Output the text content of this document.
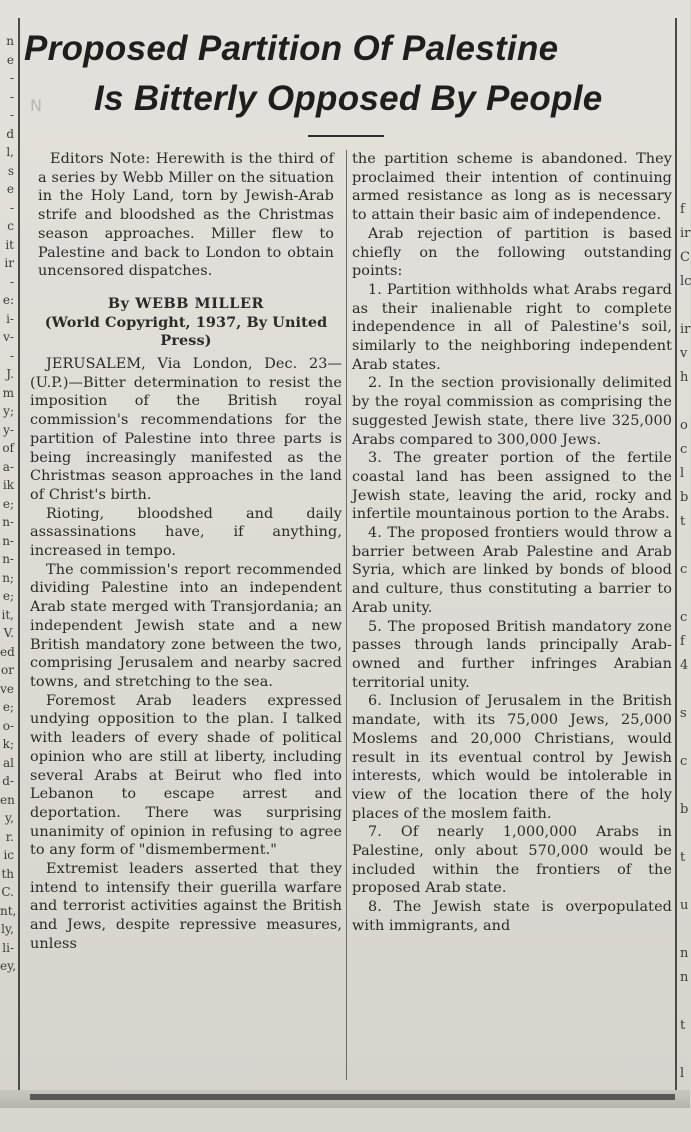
n
e
-
-
-
d
l,
s
e
-
c
it
ir
-
e:
i-
v-
-
J.
m
y;
y-
of
a-
ik
e;
n-
n-
n-
n;
e;
it,
V.
ed
or
ve
e;
o-
k;
al
d-
en
y,
r.
ic
th
C.
nt,
ly,
li-
ey,
Proposed Partition Of Palestine
Is Bitterly Opposed By People
N

Editors Note: Herewith is the third of a series by Webb Miller on the situation in the Holy Land, torn by Jewish-Arab strife and bloodshed as the Christmas season approaches. Miller flew to Palestine and back to London to obtain uncensored dispatches.

By WEBB MILLER
(World Copyright, 1937, By United Press)

JERUSALEM, Via London, Dec. 23—(U.P.)—Bitter determination to resist the imposition of the British royal commission's recommendations for the partition of Palestine into three parts is being increasingly manifested as the Christmas season approaches in the land of Christ's birth.

Rioting, bloodshed and daily assassinations have, if anything, increased in tempo.

The commission's report recommended dividing Palestine into an independent Arab state merged with Transjordania; an independent Jewish state and a new British mandatory zone between the two, comprising Jerusalem and nearby sacred towns, and stretching to the sea.

Foremost Arab leaders expressed undying opposition to the plan. I talked with leaders of every shade of political opinion who are still at liberty, including several Arabs at Beirut who fled into Lebanon to escape arrest and deportation. There was surprising unanimity of opinion in refusing to agree to any form of "dismemberment."

Extremist leaders asserted that they intend to intensify their guerilla warfare and terrorist activities against the British and Jews, despite repressive measures, unless

the partition scheme is abandoned. They proclaimed their intention of continuing armed resistance as long as is necessary to attain their basic aim of independence.

Arab rejection of partition is based chiefly on the following outstanding points:

1. Partition withholds what Arabs regard as their inalienable right to complete independence in all of Palestine's soil, similarly to the neighboring independent Arab states.

2. In the section provisionally delimited by the royal commission as comprising the suggested Jewish state, there live 325,000 Arabs compared to 300,000 Jews.

3. The greater portion of the fertile coastal land has been assigned to the Jewish state, leaving the arid, rocky and infertile mountainous portion to the Arabs.

4. The proposed frontiers would throw a barrier between Arab Palestine and Arab Syria, which are linked by bonds of blood and culture, thus constituting a barrier to Arab unity.

5. The proposed British mandatory zone passes through lands principally Arab-owned and further infringes Arabian territorial unity.

6. Inclusion of Jerusalem in the British mandate, with its 75,000 Jews, 25,000 Moslems and 20,000 Christians, would result in its eventual control by Jewish interests, which would be intolerable in view of the location there of the holy places of the moslem faith.

7. Of nearly 1,000,000 Arabs in Palestine, only about 570,000 would be included within the frontiers of the proposed Arab state.

8. The Jewish state is overpopulated with immigrants, and

f
ir
C
lc
ir
v
h
o
c
l
b
t
c
c
f
4
s
c
b
t
u
n
n
t
l
